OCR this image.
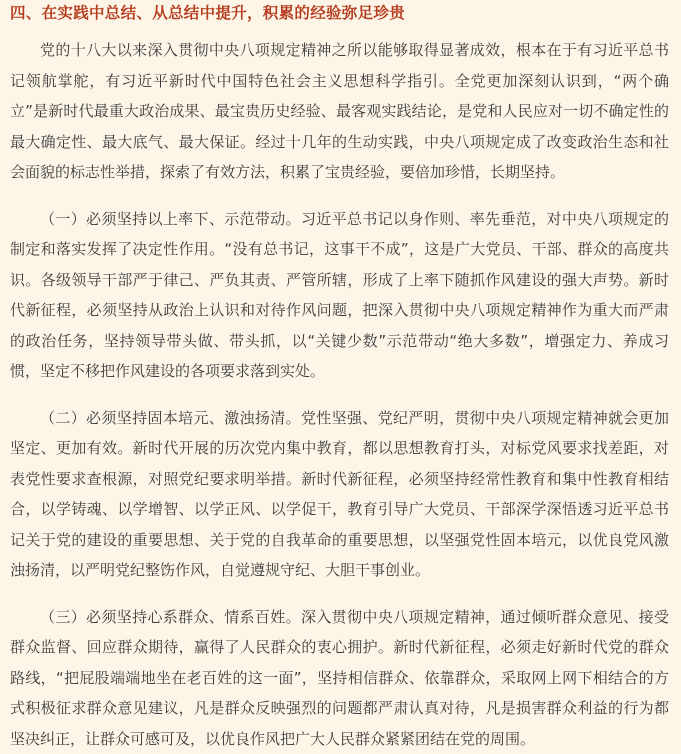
四、在实践中总结、从总结中提升，积累的经验弥足珍贵

党的十八大以来深入贯彻中央八项规定精神之所以能够取得显著成效，根本在于有习近平总书记领航掌舵，有习近平新时代中国特色社会主义思想科学指引。全党更加深刻认识到，“两个确立”是新时代最重大政治成果、最宝贵历史经验、最客观实践结论，是党和人民应对一切不确定性的最大确定性、最大底气、最大保证。经过十几年的生动实践，中央八项规定成了改变政治生态和社会面貌的标志性举措，探索了有效方法，积累了宝贵经验，要倍加珍惜，长期坚持。

（一）必须坚持以上率下、示范带动。习近平总书记以身作则、率先垂范，对中央八项规定的制定和落实发挥了决定性作用。“没有总书记，这事干不成”，这是广大党员、干部、群众的高度共识。各级领导干部严于律己、严负其责、严管所辖，形成了上率下随抓作风建设的强大声势。新时代新征程，必须坚持从政治上认识和对待作风问题，把深入贯彻中央八项规定精神作为重大而严肃的政治任务，坚持领导带头做、带头抓，以“关键少数”示范带动“绝大多数”，增强定力、养成习惯，坚定不移把作风建设的各项要求落到实处。

（二）必须坚持固本培元、激浊扬清。党性坚强、党纪严明，贯彻中央八项规定精神就会更加坚定、更加有效。新时代开展的历次党内集中教育，都以思想教育打头，对标党风要求找差距，对表党性要求查根源，对照党纪要求明举措。新时代新征程，必须坚持经常性教育和集中性教育相结合，以学铸魂、以学增智、以学正风、以学促干，教育引导广大党员、干部深学深悟透习近平总书记关于党的建设的重要思想、关于党的自我革命的重要思想，以坚强党性固本培元，以优良党风激浊扬清，以严明党纪整饬作风，自觉遵规守纪、大胆干事创业。

（三）必须坚持心系群众、情系百姓。深入贯彻中央八项规定精神，通过倾听群众意见、接受群众监督、回应群众期待，赢得了人民群众的衷心拥护。新时代新征程，必须走好新时代党的群众路线，“把屁股端端地坐在老百姓的这一面”，坚持相信群众、依靠群众，采取网上网下相结合的方式积极征求群众意见建议，凡是群众反映强烈的问题都严肃认真对待，凡是损害群众利益的行为都坚决纠正，让群众可感可及，以优良作风把广大人民群众紧紧团结在党的周围。
